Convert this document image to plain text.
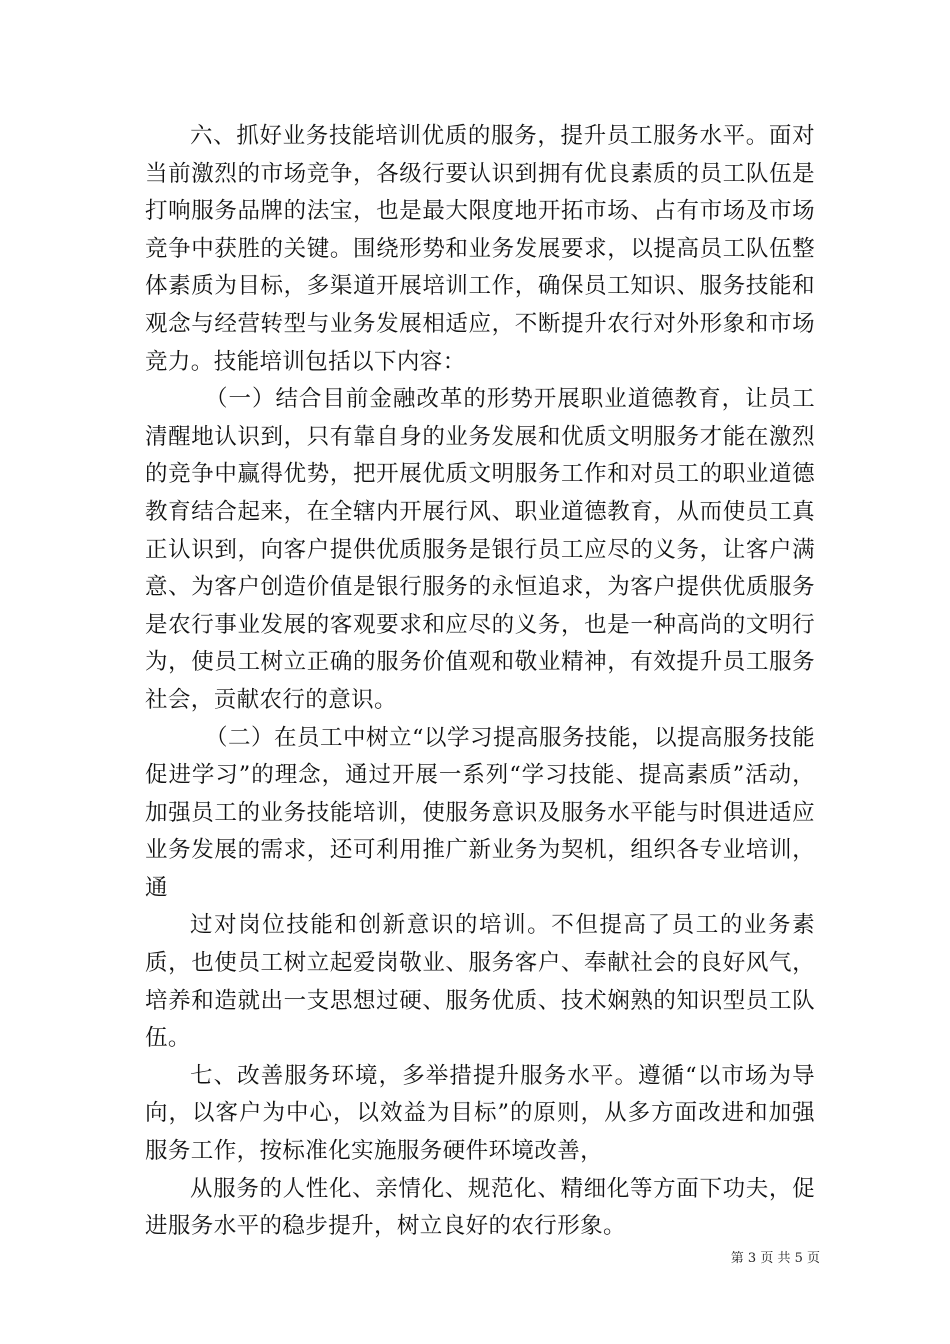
六、抓好业务技能培训优质的服务，提升员工服务水平。面对当前激烈的市场竞争，各级行要认识到拥有优良素质的员工队伍是打响服务品牌的法宝，也是最大限度地开拓市场、占有市场及市场竞争中获胜的关键。围绕形势和业务发展要求，以提高员工队伍整体素质为目标，多渠道开展培训工作，确保员工知识、服务技能和观念与经营转型与业务发展相适应，不断提升农行对外形象和市场竞力。技能培训包括以下内容：

（一）结合目前金融改革的形势开展职业道德教育，让员工清醒地认识到，只有靠自身的业务发展和优质文明服务才能在激烈的竞争中赢得优势，把开展优质文明服务工作和对员工的职业道德教育结合起来，在全辖内开展行风、职业道德教育，从而使员工真正认识到，向客户提供优质服务是银行员工应尽的义务，让客户满意、为客户创造价值是银行服务的永恒追求，为客户提供优质服务是农行事业发展的客观要求和应尽的义务，也是一种高尚的文明行为，使员工树立正确的服务价值观和敬业精神，有效提升员工服务社会，贡献农行的意识。

（二）在员工中树立“以学习提高服务技能，以提高服务技能促进学习”的理念，通过开展一系列“学习技能、提高素质”活动，加强员工的业务技能培训，使服务意识及服务水平能与时俱进适应业务发展的需求，还可利用推广新业务为契机，组织各专业培训，通

过对岗位技能和创新意识的培训。不但提高了员工的业务素质，也使员工树立起爱岗敬业、服务客户、奉献社会的良好风气，培养和造就出一支思想过硬、服务优质、技术娴熟的知识型员工队伍。

七、改善服务环境，多举措提升服务水平。遵循“以市场为导向，以客户为中心，以效益为目标”的原则，从多方面改进和加强服务工作，按标准化实施服务硬件环境改善，

从服务的人性化、亲情化、规范化、精细化等方面下功夫，促进服务水平的稳步提升，树立良好的农行形象。

第 3 页 共 5 页
